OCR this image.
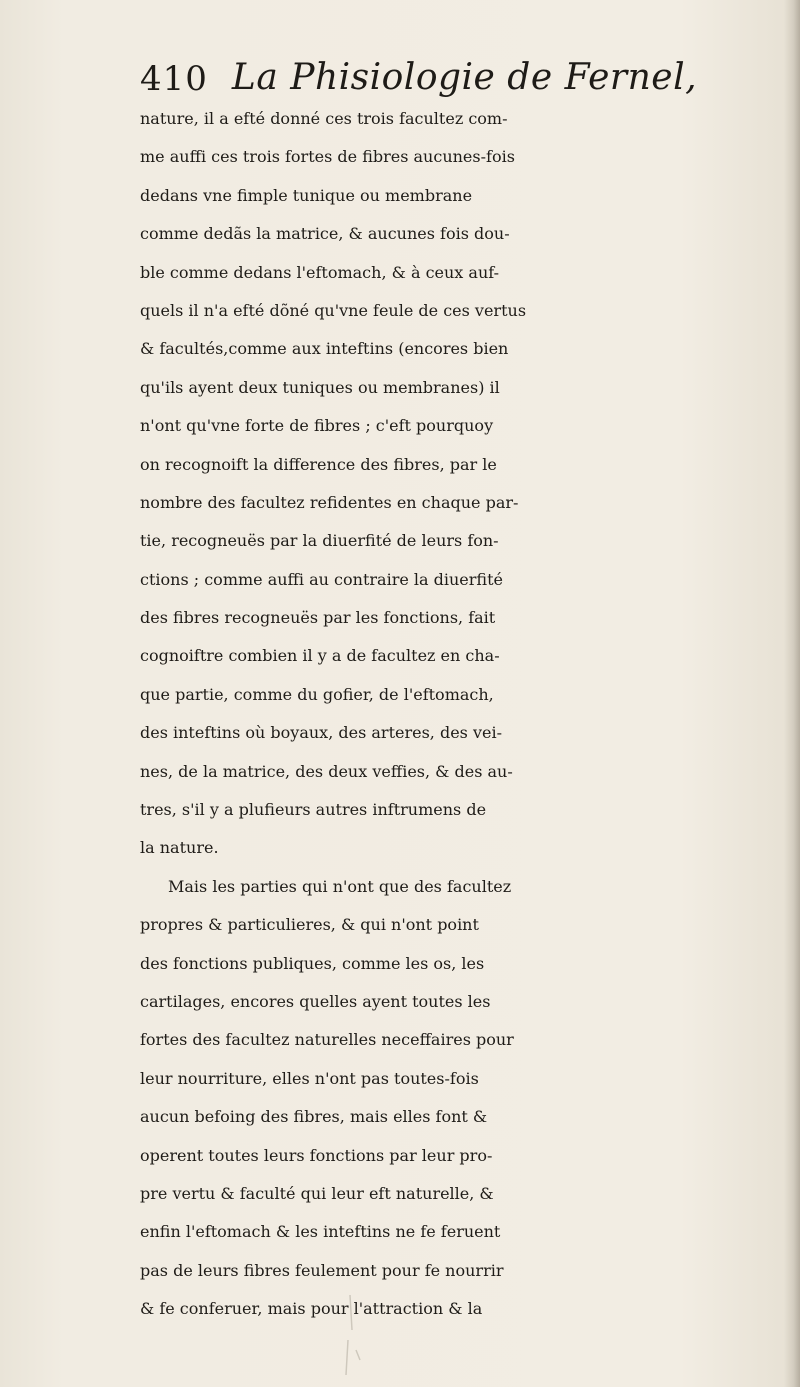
410 La Phisiologie de Fernel,
nature, il a efté donné ces trois facultez com-
me auffi ces trois fortes de fibres aucunes-fois
dedans vne fimple tunique ou membrane
comme dedãs la matrice, & aucunes fois dou-
ble comme dedans l'eftomach, & à ceux auf-
quels il n'a efté dõné qu'vne feule de ces vertus
& facultés,comme aux inteftins (encores bien
qu'ils ayent deux tuniques ou membranes) il
n'ont qu'vne forte de fibres ; c'eft pourquoy
on recognoift la difference des fibres, par le
nombre des facultez refidentes en chaque par-
tie, recogneuës par la diuerfité de leurs fon-
ctions ; comme auffi au contraire la diuerfité
des fibres recogneuës par les fonctions, fait
cognoiftre combien il y a de facultez en cha-
que partie, comme du gofier, de l'eftomach,
des inteftins où boyaux, des arteres, des vei-
nes, de la matrice, des deux veffies, & des au-
tres, s'il y a plufieurs autres inftrumens de
la nature.
Mais les parties qui n'ont que des facultez
propres & particulieres, & qui n'ont point
des fonctions publiques, comme les os, les
cartilages, encores quelles ayent toutes les
fortes des facultez naturelles neceffaires pour
leur nourriture, elles n'ont pas toutes-fois
aucun befoing des fibres, mais elles font &
operent toutes leurs fonctions par leur pro-
pre vertu & faculté qui leur eft naturelle, &
enfin l'eftomach & les inteftins ne fe feruent
pas de leurs fibres feulement pour fe nourrir
& fe conferuer, mais pour l'attraction & la
